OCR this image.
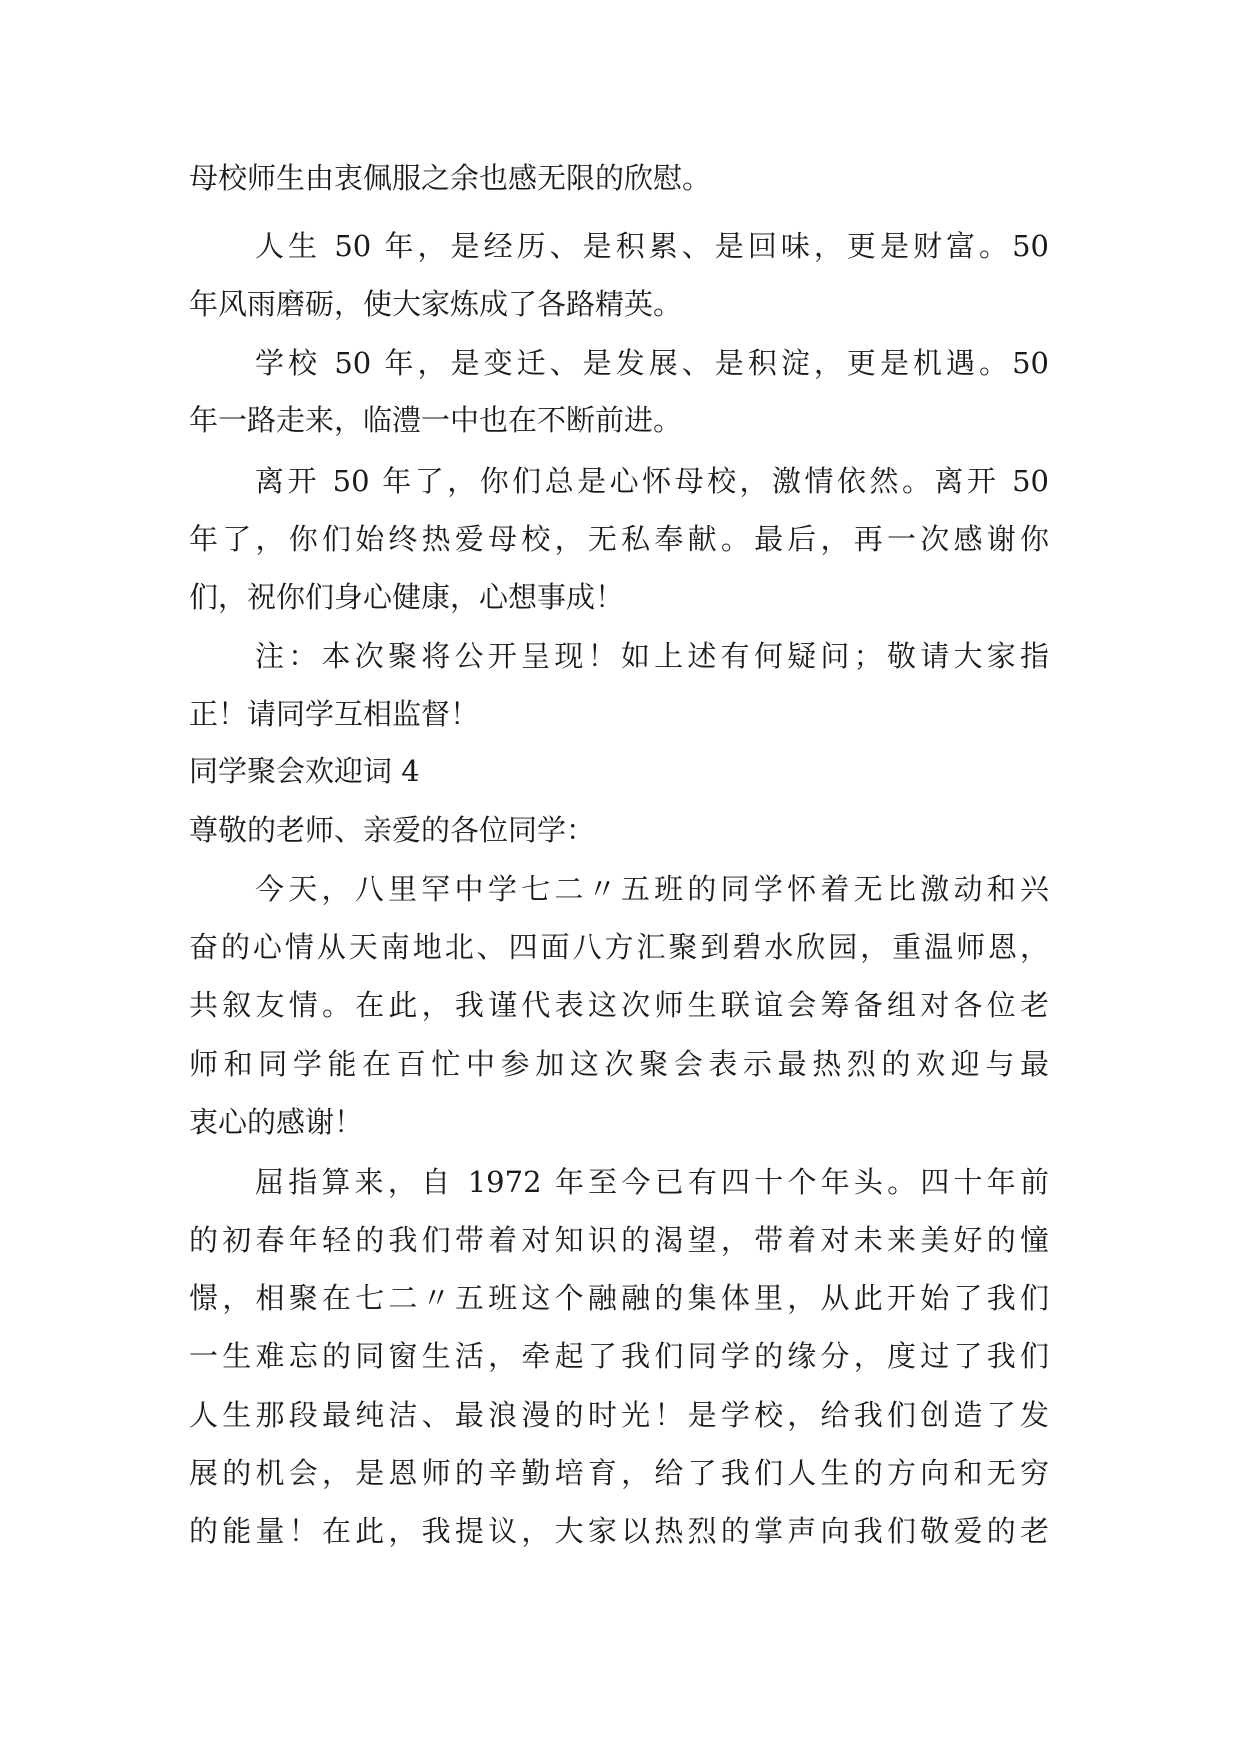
母校师生由衷佩服之余也感无限的欣慰。

人生 50 年，是经历、是积累、是回味，更是财富。50

年风雨磨砺，使大家炼成了各路精英。

学校 50 年，是变迁、是发展、是积淀，更是机遇。50

年一路走来，临澧一中也在不断前进。

离开 50 年了，你们总是心怀母校，激情依然。离开 50

年了，你们始终热爱母校，无私奉献。最后，再一次感谢你

们，祝你们身心健康，心想事成！

注：本次聚将公开呈现！如上述有何疑问；敬请大家指

正！请同学互相监督！

同学聚会欢迎词 4

尊敬的老师、亲爱的各位同学：

今天，八里罕中学七二〃五班的同学怀着无比激动和兴

奋的心情从天南地北、四面八方汇聚到碧水欣园，重温师恩，

共叙友情。在此，我谨代表这次师生联谊会筹备组对各位老

师和同学能在百忙中参加这次聚会表示最热烈的欢迎与最

衷心的感谢！

屈指算来，自 1972 年至今已有四十个年头。四十年前

的初春年轻的我们带着对知识的渴望，带着对未来美好的憧

憬，相聚在七二〃五班这个融融的集体里，从此开始了我们

一生难忘的同窗生活，牵起了我们同学的缘分，度过了我们

人生那段最纯洁、最浪漫的时光！是学校，给我们创造了发

展的机会，是恩师的辛勤培育，给了我们人生的方向和无穷

的能量！在此，我提议，大家以热烈的掌声向我们敬爱的老
